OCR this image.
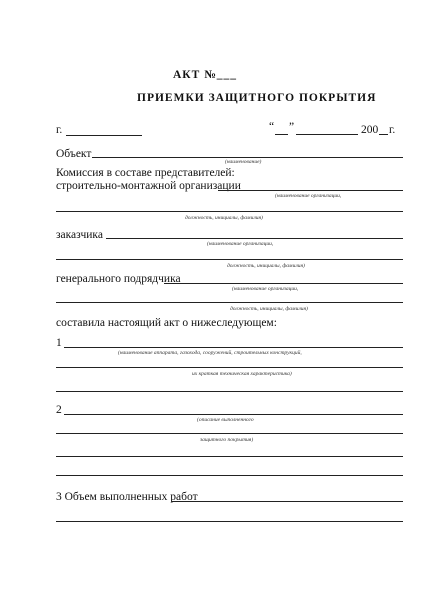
АКТ №___
ПРИЕМКИ ЗАЩИТНОГО ПОКРЫТИЯ
г.	“ ”	200 г.
Объект
(наименование)
Комиссия в составе представителей:
строительно-монтажной организации
(наименование организации,
должность, инициалы, фамилия)
заказчика
(наименование организации,
должность, инициалы, фамилия)
генерального подрядчика
(наименование организации,
должность, инициалы, фамилия)
составила настоящий акт о нижеследующем:
1
(наименование аппарата, газохода, сооружений, строительных конструкций,
их краткая техническая характеристика)
2
(описание выполненного
защитного покрытия)
3 Объем выполненных работ
